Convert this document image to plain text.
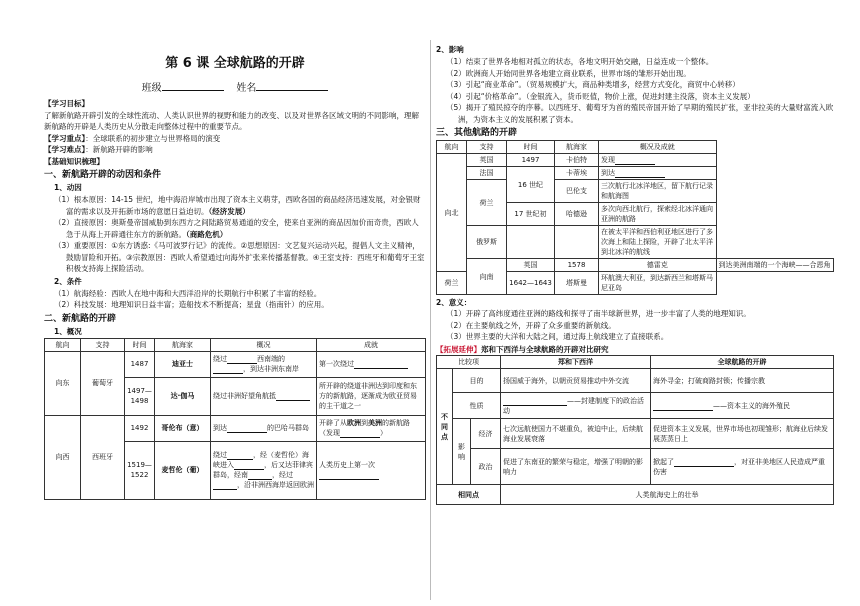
第 6 课 全球航路的开辟
班级	姓名

【学习目标】

了解新航路开辟引发的全球性流动、人类认识世界的视野和能力的改变、以及对世界各区域文明的不同影响，理解新航路的开辟是人类历史从分散走向整体过程中的重要节点。

【学习重点】：全球联系的初步建立与世界格局的演变

【学习难点】：新航路开辟的影响

【基础知识梳理】

一、新航路开辟的动因和条件
1、动因

（1）根本原因：14-15 世纪，地中海沿岸城市出现了资本主义萌芽，西欧各国的商品经济迅速发展，对金银财富的需求以及开拓新市场的意愿日益迫切。（经济发展）

（2）直接原因：奥斯曼帝国威胁到东西方之间陆路贸易通道的安全，使来自亚洲的商品因加价而奇贵，西欧人急于从海上开辟通往东方的新航路。（商路危机）

（3）重要原因：①东方诱惑:《马可波罗行记》的流传。②思想原因：文艺复兴运动兴起，提倡人文主义精神，鼓励冒险和开拓。③宗教原因：西欧人希望通过向海外扩张来传播基督教。④王室支持：西班牙和葡萄牙王室积极支持海上探险活动。

2、条件

（1）航海经验：西欧人在地中海和大西洋沿岸的长期航行中积累了丰富的经验。

（2）科技发展：地理知识日益丰富；造船技术不断提高；星盘（指南针）的应用。

二、新航路的开辟
1、概况
航向	支持	时间	航海家	概况	成就
向东	葡萄牙	1487	迪亚士	绕过 西南端的，到达非洲东南岸	第一次绕过
		1497—1498	达·伽马	绕过非洲好望角航抵	所开辟的绕道非洲达到印度和东方的新航路，逐渐成为欧亚贸易的主干道之一
向西	西班牙	1492	哥伦布（意）	到达 的巴哈马群岛	开辟了从欧洲到美洲的新航路（发现 ）
		1519—1522	麦哲伦（葡）	绕过 ，经（麦哲伦）海峡进入 ，后又达菲律宾群岛，经南 ，经过，沿非洲西海岸返回欧洲	人类历史上第一次

2、影响

（1）结束了世界各地相对孤立的状态，各地文明开始交融，日益连成一个整体。

（2）欧洲商人开始同世界各地建立商业联系，世界市场的雏形开始出现。

（3）引起“商业革命”。（贸易规模扩大，商品种类增多，经营方式变化，商贸中心转移）

（4）引起“价格革命”。（金银流入，货币贬值，物价上涨，促进封建主没落，资本主义发展）

（5）揭开了殖民掠夺的序幕。以西班牙、葡萄牙为首的殖民帝国开始了早期的殖民扩张，亚非拉美的大量财富流入欧洲，为资本主义的发展积累了资本。

三、其他航路的开辟
航向	支持	时间	航海家	概况及成就	
向北	英国	1497	卡伯特	发现	
	法国	16 世纪	卡蒂埃	到达	
	荷兰		巴伦支	三次航行北冰洋地区，留下航行记录和航海图	
		17 世纪初	哈德逊	多次向西北航行，探索经北冰洋通向亚洲的航路	
	俄罗斯			在被太平洋和西伯利亚地区进行了多次海上和陆上探险，开辟了北太平洋到北冰洋的航线	
	向南	英国	1578	德雷克	到达美洲南端的一个海峡——合恩角
荷兰		1642—1643	塔斯曼	环航澳大利亚，到达新西兰和塔斯马尼亚岛	
2、意义：

（1）开辟了高纬度通往亚洲的路线和探寻了南半球新世界，进一步丰富了人类的地理知识。

（2）在主要航线之外，开辟了众多重要的新航线。

（3）世界主要的大洋和大陆之间，通过海上航线建立了直接联系。

【拓展延伸】郑和下西洋与全球航路的开辟对比研究

比较项			郑和下西洋	全球航路的开辟
不同点	目的		扬国威于海外，以朝贡贸易推动中外交流	海外寻金；打破商路封锁；传播宗教
	性质		——封建制度下的政治活动	——资本主义的海外殖民
	影响	经济	七次远航使国力不堪重负，被迫中止，后续航海业发展衰落	促进资本主义发展，世界市场也初现雏形；航海业后续发展蒸蒸日上
		政治	促进了东南亚的繁荣与稳定，增强了明朝的影响力	掀起了 ，对亚非美地区人民造成严重伤害
相同点			人类航海史上的壮举	
